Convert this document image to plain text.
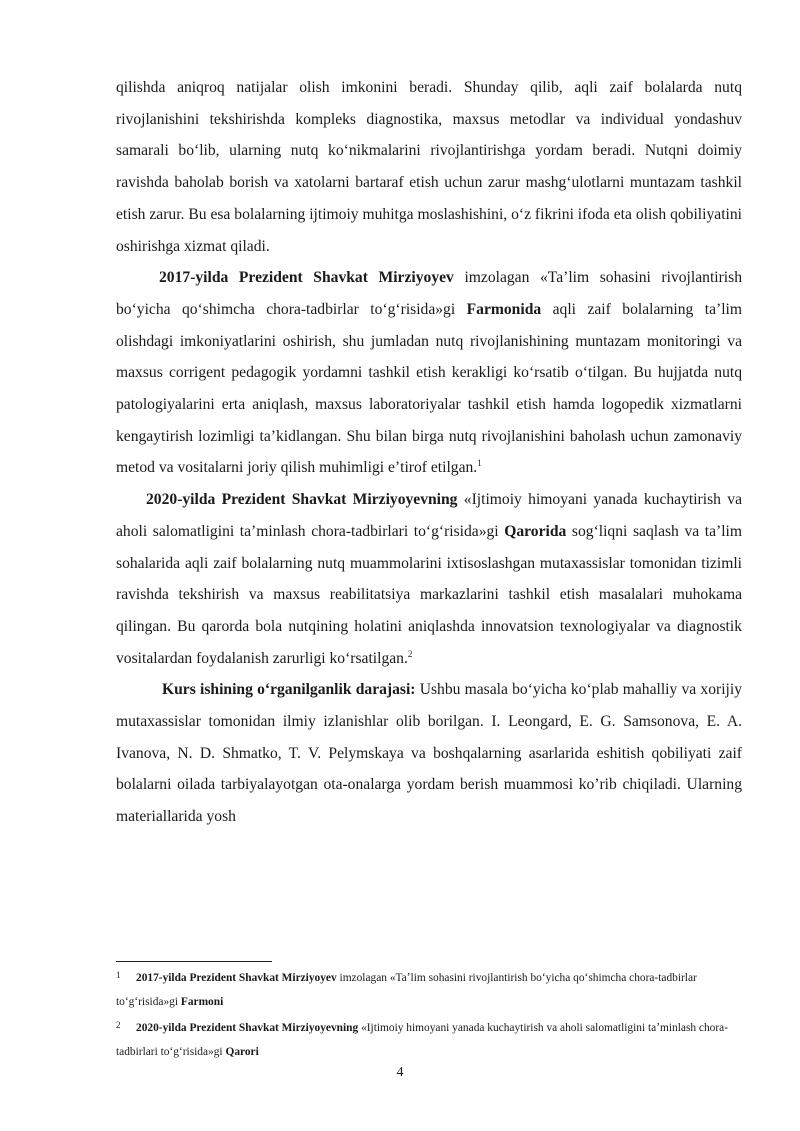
qilishda aniqroq natijalar olish imkonini beradi. Shunday qilib, aqli zaif bolalarda nutq rivojlanishini tekshirishda kompleks diagnostika, maxsus metodlar va individual yondashuv samarali boʻlib, ularning nutq koʻnikmalarini rivojlantirishga yordam beradi. Nutqni doimiy ravishda baholab borish va xatolarni bartaraf etish uchun zarur mashgʻulotlarni muntazam tashkil etish zarur. Bu esa bolalarning ijtimoiy muhitga moslashishini, oʻz fikrini ifoda eta olish qobiliyatini oshirishga xizmat qiladi.

2017-yilda Prezident Shavkat Mirziyoyev imzolagan «Taʼlim sohasini rivojlantirish boʻyicha qoʻshimcha chora-tadbirlar toʻgʻrisida»gi Farmonida aqli zaif bolalarning taʼlim olishdagi imkoniyatlarini oshirish, shu jumladan nutq rivojlanishining muntazam monitoringi va maxsus corrigent pedagogik yordamni tashkil etish kerakligi koʻrsatib oʻtilgan. Bu hujjatda nutq patologiyalarini erta aniqlash, maxsus laboratoriyalar tashkil etish hamda logopedik xizmatlarni kengaytirish lozimligi taʼkidlangan. Shu bilan birga nutq rivojlanishini baholash uchun zamonaviy metod va vositalarni joriy qilish muhimligi eʼtirof etilgan.$^1$

2020-yilda Prezident Shavkat Mirziyoyevning «Ijtimoiy himoyani yanada kuchaytirish va aholi salomatligini taʼminlash chora-tadbirlari toʻgʻrisida»gi Qarorida sogʻliqni saqlash va taʼlim sohalarida aqli zaif bolalarning nutq muammolarini ixtisoslashgan mutaxassislar tomonidan tizimli ravishda tekshirish va maxsus reabilitatsiya markazlarini tashkil etish masalalari muhokama qilingan. Bu qarorda bola nutqining holatini aniqlashda innovatsion texnologiyalar va diagnostik vositalardan foydalanish zarurligi koʻrsatilgan.$^2$

Kurs ishining oʻrganilganlik darajasi: Ushbu masala boʻyicha koʻplab mahalliy va xorijiy mutaxassislar tomonidan ilmiy izlanishlar olib borilgan. I. Leongard, E. G. Samsonova, E. A. Ivanova, N. D. Shmatko, T. V. Pelymskaya va boshqalarning asarlarida eshitish qobiliyati zaif bolalarni oilada tarbiyalayotgan ota-onalarga yordam berish muammosi koʼrib chiqiladi. Ularning materiallarida yosh

1 2017-yilda Prezident Shavkat Mirziyoyev imzolagan «Taʼlim sohasini rivojlantirish boʻyicha qoʻshimcha chora-tadbirlar toʻgʻrisida»gi Farmoni

2 2020-yilda Prezident Shavkat Mirziyoyevning «Ijtimoiy himoyani yanada kuchaytirish va aholi salomatligini taʼminlash chora-tadbirlari toʻgʻrisida»gi Qarori

4
